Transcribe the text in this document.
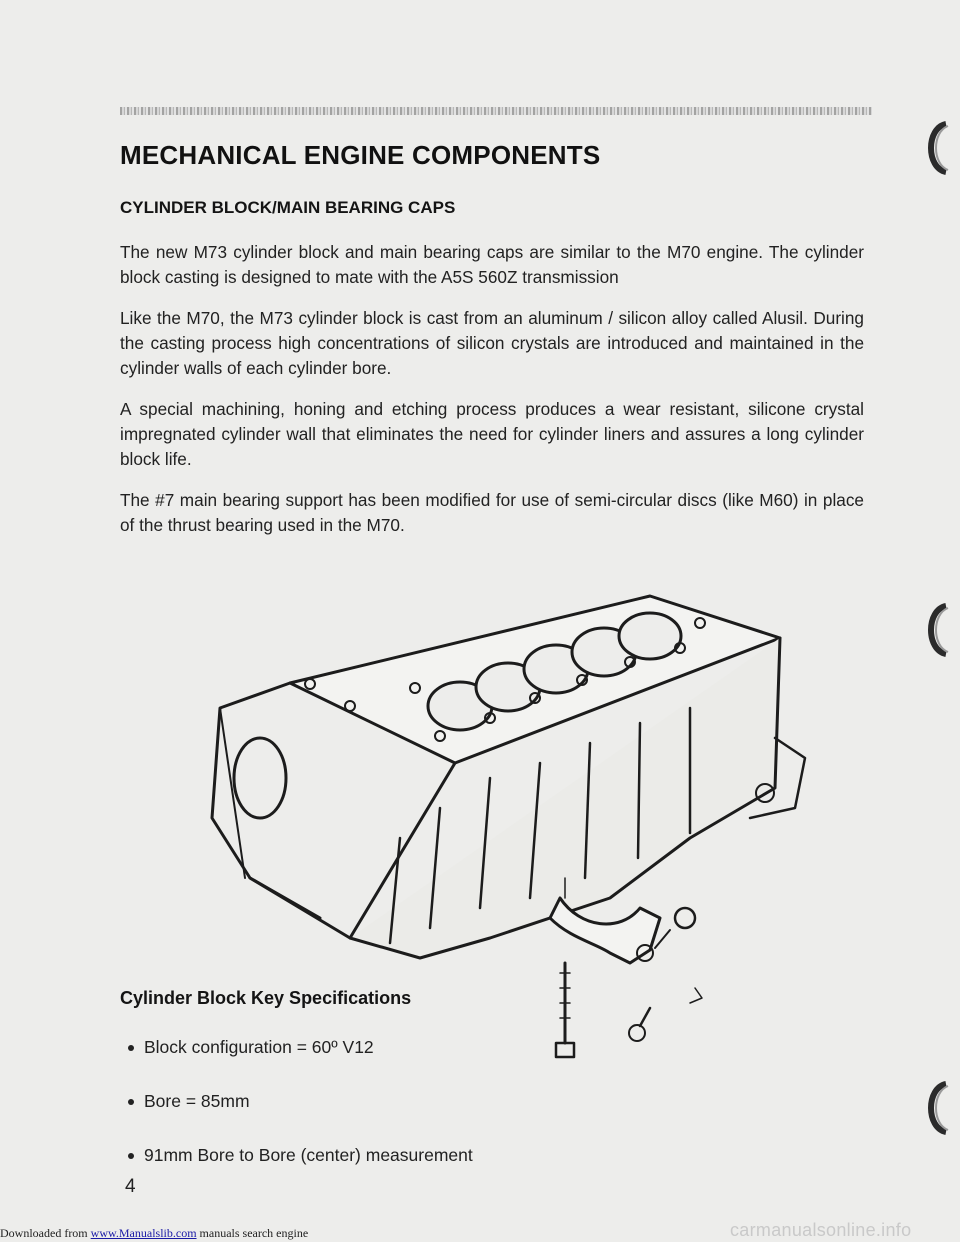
MECHANICAL ENGINE COMPONENTS
CYLINDER BLOCK/MAIN BEARING CAPS

The new M73 cylinder block and main bearing caps are similar to the M70 engine. The cylinder block casting is designed to mate with the A5S 560Z transmission

Like the M70, the M73 cylinder block is cast from an aluminum / silicon alloy called Alusil. During the casting process high concentrations of silicon crystals are introduced and maintained in the cylinder walls of each cylinder bore.

A special machining, honing and etching process produces a wear resistant, silicone crystal impregnated cylinder wall that eliminates the need for cylinder liners and assures a long cylinder block life.

The #7 main bearing support has been modified for use of semi-circular discs (like M60) in place of the thrust bearing used in the M70.

Cylinder Block Key Specifications
Block configuration = 60º V12
Bore = 85mm
91mm Bore to Bore (center) measurement
4
Downloaded from www.Manualslib.com manuals search engine	carmanualsonline.info
